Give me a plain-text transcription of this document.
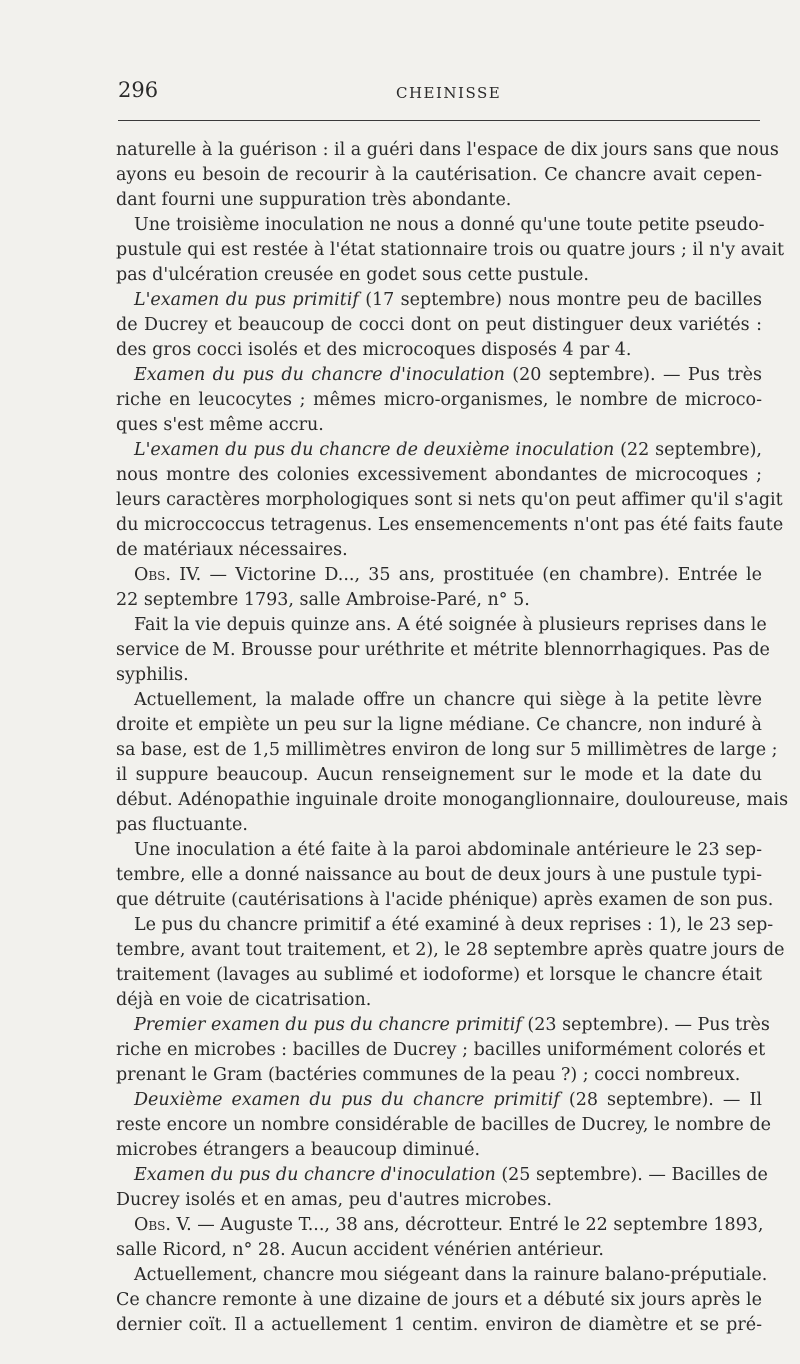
296	CHEINISSE
naturelle à la guérison : il a guéri dans l'espace de dix jours sans que nous
ayons eu besoin de recourir à la cautérisation. Ce chancre avait cepen-
dant fourni une suppuration très abondante.
Une troisième inoculation ne nous a donné qu'une toute petite pseudo-
pustule qui est restée à l'état stationnaire trois ou quatre jours ; il n'y avait
pas d'ulcération creusée en godet sous cette pustule.
L'examen du pus primitif (17 septembre) nous montre peu de bacilles
de Ducrey et beaucoup de cocci dont on peut distinguer deux variétés :
des gros cocci isolés et des microcoques disposés 4 par 4.
Examen du pus du chancre d'inoculation (20 septembre). — Pus très
riche en leucocytes ; mêmes micro-organismes, le nombre de microco-
ques s'est même accru.
L'examen du pus du chancre de deuxième inoculation (22 septembre),
nous montre des colonies excessivement abondantes de microcoques ;
leurs caractères morphologiques sont si nets qu'on peut affimer qu'il s'agit
du microccoccus tetragenus. Les ensemencements n'ont pas été faits faute
de matériaux nécessaires.
Obs. IV. — Victorine D..., 35 ans, prostituée (en chambre). Entrée le
22 septembre 1793, salle Ambroise-Paré, n° 5.
Fait la vie depuis quinze ans. A été soignée à plusieurs reprises dans le
service de M. Brousse pour uréthrite et métrite blennorrhagiques. Pas de
syphilis.
Actuellement, la malade offre un chancre qui siège à la petite lèvre
droite et empiète un peu sur la ligne médiane. Ce chancre, non induré à
sa base, est de 1,5 millimètres environ de long sur 5 millimètres de large ;
il suppure beaucoup. Aucun renseignement sur le mode et la date du
début. Adénopathie inguinale droite monoganglionnaire, douloureuse, mais
pas fluctuante.
Une inoculation a été faite à la paroi abdominale antérieure le 23 sep-
tembre, elle a donné naissance au bout de deux jours à une pustule typi-
que détruite (cautérisations à l'acide phénique) après examen de son pus.
Le pus du chancre primitif a été examiné à deux reprises : 1), le 23 sep-
tembre, avant tout traitement, et 2), le 28 septembre après quatre jours de
traitement (lavages au sublimé et iodoforme) et lorsque le chancre était
déjà en voie de cicatrisation.
Premier examen du pus du chancre primitif (23 septembre). — Pus très
riche en microbes : bacilles de Ducrey ; bacilles uniformément colorés et
prenant le Gram (bactéries communes de la peau ?) ; cocci nombreux.
Deuxième examen du pus du chancre primitif (28 septembre). — Il
reste encore un nombre considérable de bacilles de Ducrey, le nombre de
microbes étrangers a beaucoup diminué.
Examen du pus du chancre d'inoculation (25 septembre). — Bacilles de
Ducrey isolés et en amas, peu d'autres microbes.
Obs. V. — Auguste T..., 38 ans, décrotteur. Entré le 22 septembre 1893,
salle Ricord, n° 28. Aucun accident vénérien antérieur.
Actuellement, chancre mou siégeant dans la rainure balano-préputiale.
Ce chancre remonte à une dizaine de jours et a débuté six jours après le
dernier coït. Il a actuellement 1 centim. environ de diamètre et se pré-
